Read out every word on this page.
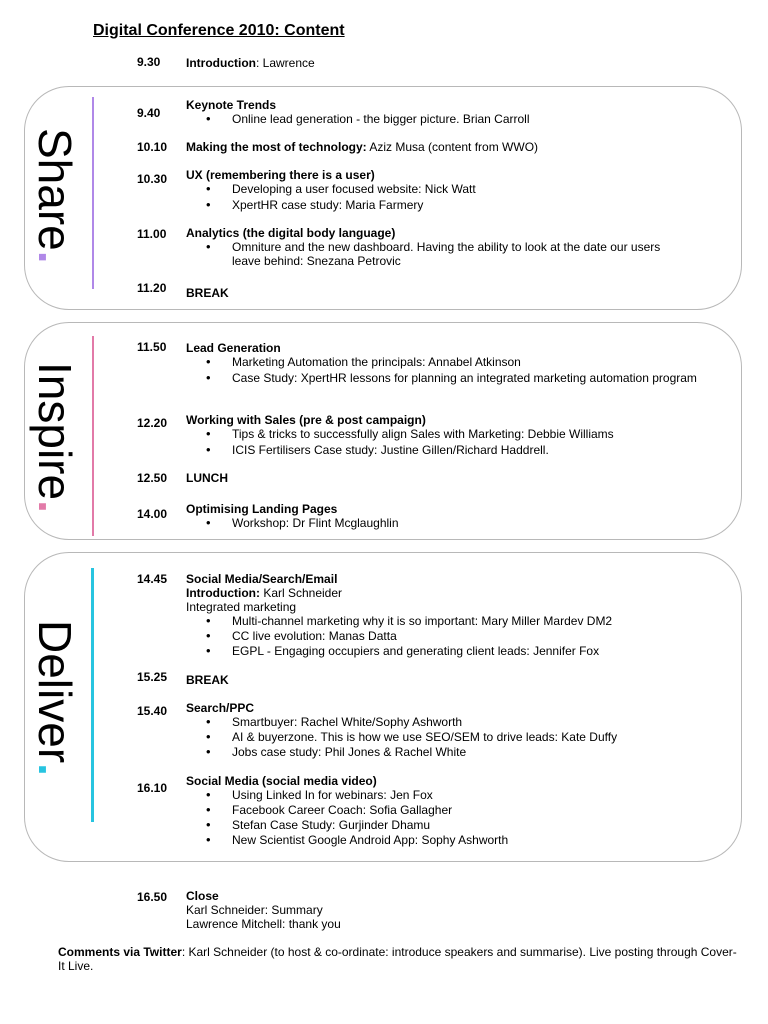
Digital Conference 2010: Content
9.30 Introduction: Lawrence
Share.
9.40
Keynote Trends
• Online lead generation - the bigger picture. Brian Carroll
10.10 Making the most of technology: Aziz Musa (content from WWO)
10.30 UX (remembering there is a user)
• Developing a user focused website: Nick Watt
• XpertHR case study: Maria Farmery
11.00 Analytics (the digital body language)
• Omniture and the new dashboard. Having the ability to look at the date our users leave behind: Snezana Petrovic
11.20 BREAK
Inspire.
11.50 Lead Generation
• Marketing Automation the principals: Annabel Atkinson
• Case Study: XpertHR lessons for planning an integrated marketing automation program
12.20 Working with Sales (pre & post campaign)
• Tips & tricks to successfully align Sales with Marketing: Debbie Williams
• ICIS Fertilisers Case study: Justine Gillen/Richard Haddrell.
12.50 LUNCH
14.00 Optimising Landing Pages
• Workshop: Dr Flint Mcglaughlin
Deliver.
14.45 Social Media/Search/Email
Introduction: Karl Schneider
Integrated marketing
• Multi-channel marketing why it is so important: Mary Miller Mardev DM2
• CC live evolution: Manas Datta
• EGPL - Engaging occupiers and generating client leads: Jennifer Fox
15.25 BREAK
15.40 Search/PPC
• Smartbuyer: Rachel White/Sophy Ashworth
• AI & buyerzone. This is how we use SEO/SEM to drive leads: Kate Duffy
• Jobs case study: Phil Jones & Rachel White
16.10 Social Media (social media video)
• Using Linked In for webinars: Jen Fox
• Facebook Career Coach: Sofia Gallagher
• Stefan Case Study: Gurjinder Dhamu
• New Scientist Google Android App: Sophy Ashworth
16.50 Close
Karl Schneider: Summary
Lawrence Mitchell: thank you
Comments via Twitter: Karl Schneider (to host & co-ordinate: introduce speakers and summarise). Live posting through Cover-It Live.
